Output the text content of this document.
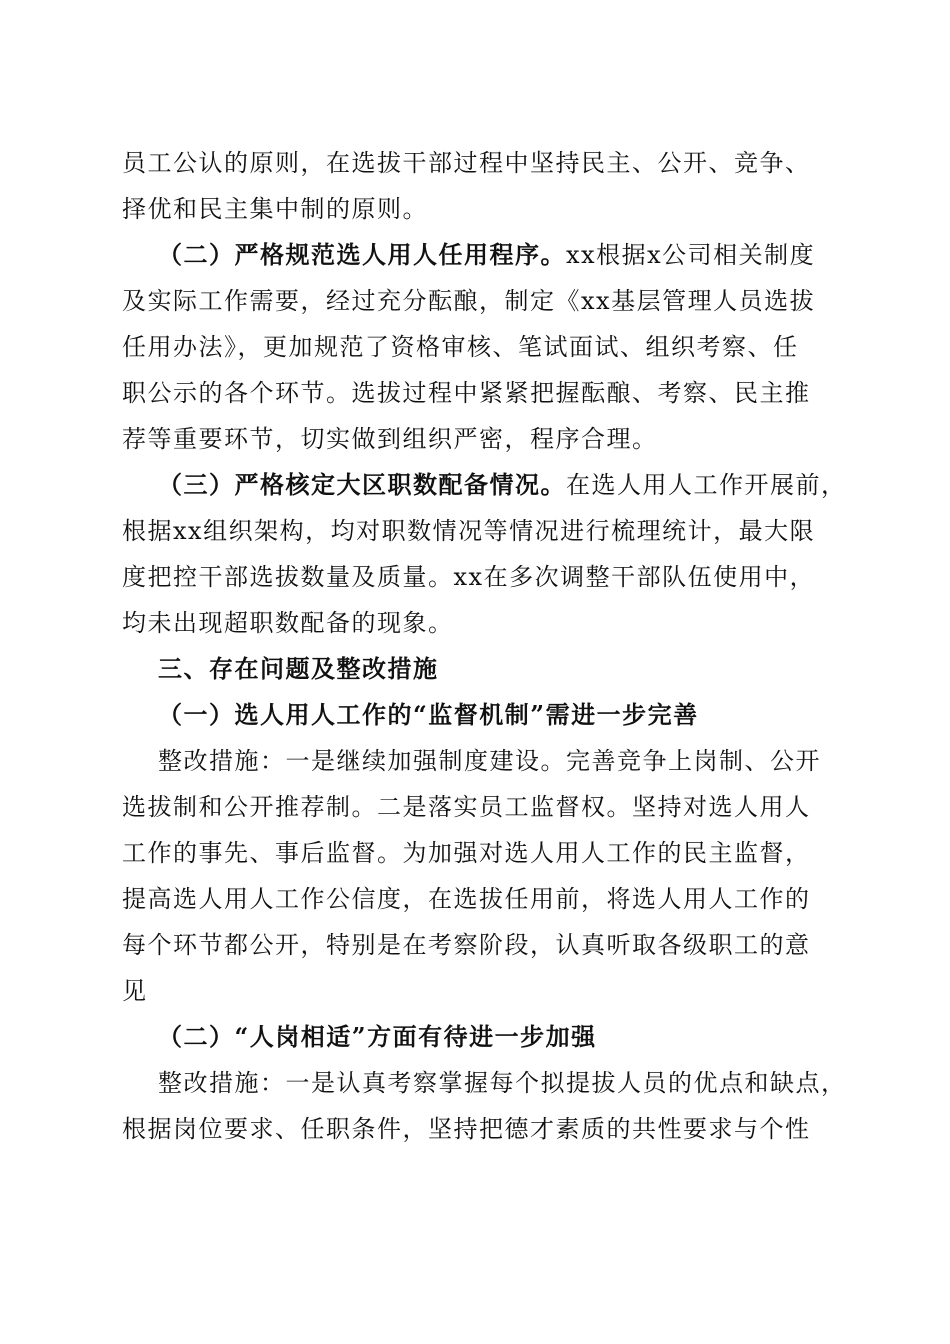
员工公认的原则，在选拔干部过程中坚持民主、公开、竞争、
择优和民主集中制的原则。
（二）严格规范选人用人任用程序。xx根据x公司相关制度
及实际工作需要，经过充分酝酿，制定《xx基层管理人员选拔
任用办法》，更加规范了资格审核、笔试面试、组织考察、任
职公示的各个环节。选拔过程中紧紧把握酝酿、考察、民主推
荐等重要环节，切实做到组织严密，程序合理。
（三）严格核定大区职数配备情况。在选人用人工作开展前，
根据xx组织架构，均对职数情况等情况进行梳理统计，最大限
度把控干部选拔数量及质量。xx在多次调整干部队伍使用中，
均未出现超职数配备的现象。
三、存在问题及整改措施
（一）选人用人工作的“监督机制”需进一步完善
整改措施：一是继续加强制度建设。完善竞争上岗制、公开
选拔制和公开推荐制。二是落实员工监督权。坚持对选人用人
工作的事先、事后监督。为加强对选人用人工作的民主监督，
提高选人用人工作公信度，在选拔任用前，将选人用人工作的
每个环节都公开，特别是在考察阶段，认真听取各级职工的意
见
（二）“人岗相适”方面有待进一步加强
整改措施：一是认真考察掌握每个拟提拔人员的优点和缺点，
根据岗位要求、任职条件，坚持把德才素质的共性要求与个性
